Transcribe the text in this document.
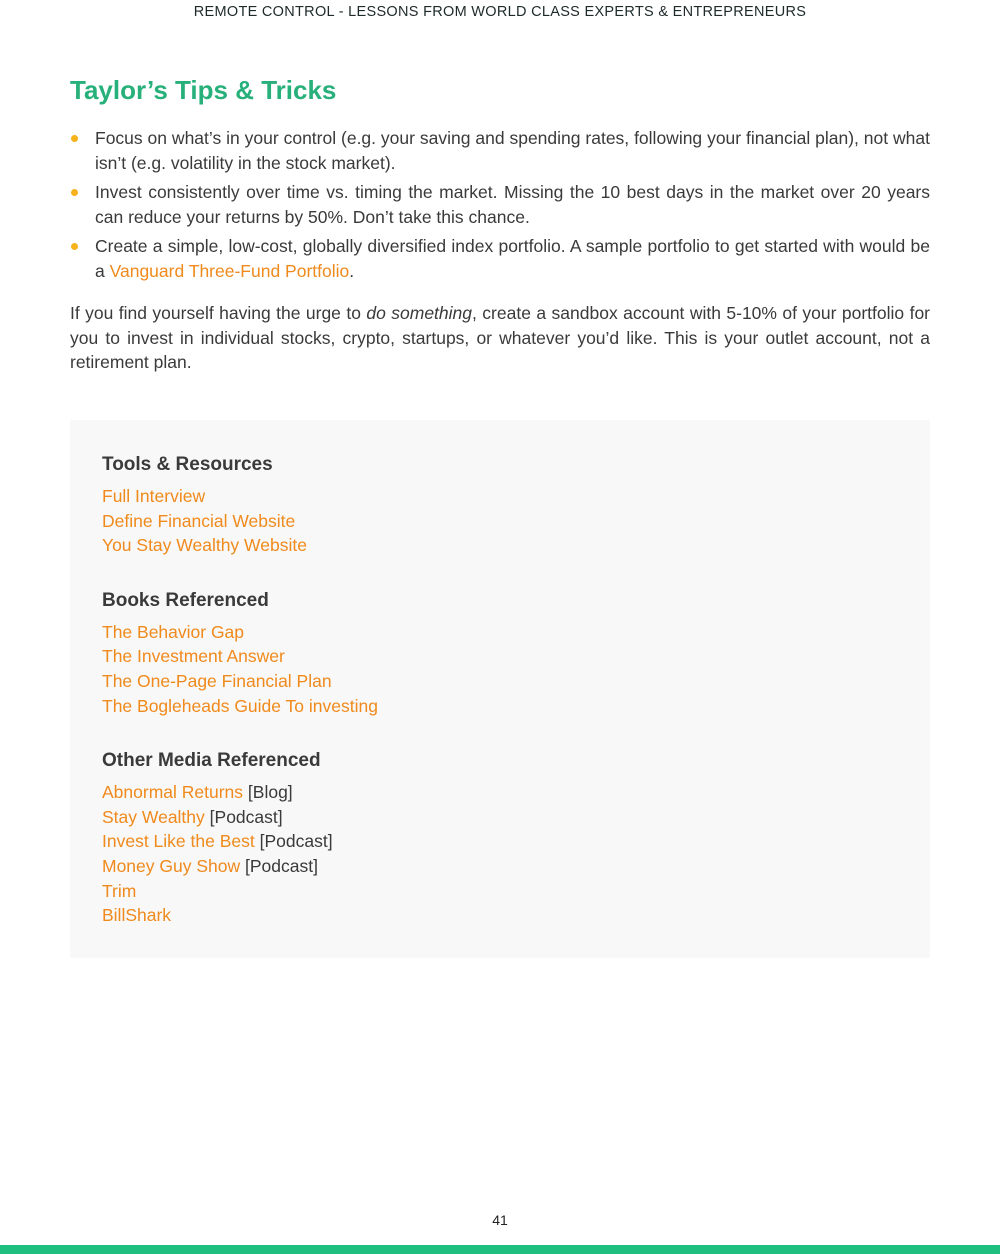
REMOTE CONTROL - LESSONS FROM WORLD CLASS EXPERTS & ENTREPRENEURS
Taylor’s Tips & Tricks
Focus on what’s in your control (e.g. your saving and spending rates, following your financial plan), not what isn’t (e.g. volatility in the stock market).
Invest consistently over time vs. timing the market. Missing the 10 best days in the market over 20 years can reduce your returns by 50%. Don’t take this chance.
Create a simple, low-cost, globally diversified index portfolio. A sample portfolio to get started with would be a Vanguard Three-Fund Portfolio.

If you find yourself having the urge to do something, create a sandbox account with 5-10% of your portfolio for you to invest in individual stocks, crypto, startups, or whatever you’d like. This is your outlet account, not a retirement plan.

Tools & Resources
Full Interview
Define Financial Website
You Stay Wealthy Website
Books Referenced
The Behavior Gap
The Investment Answer
The One-Page Financial Plan
The Bogleheads Guide To investing
Other Media Referenced
Abnormal Returns [Blog]
Stay Wealthy [Podcast]
Invest Like the Best [Podcast]
Money Guy Show [Podcast]
Trim
BillShark
41
